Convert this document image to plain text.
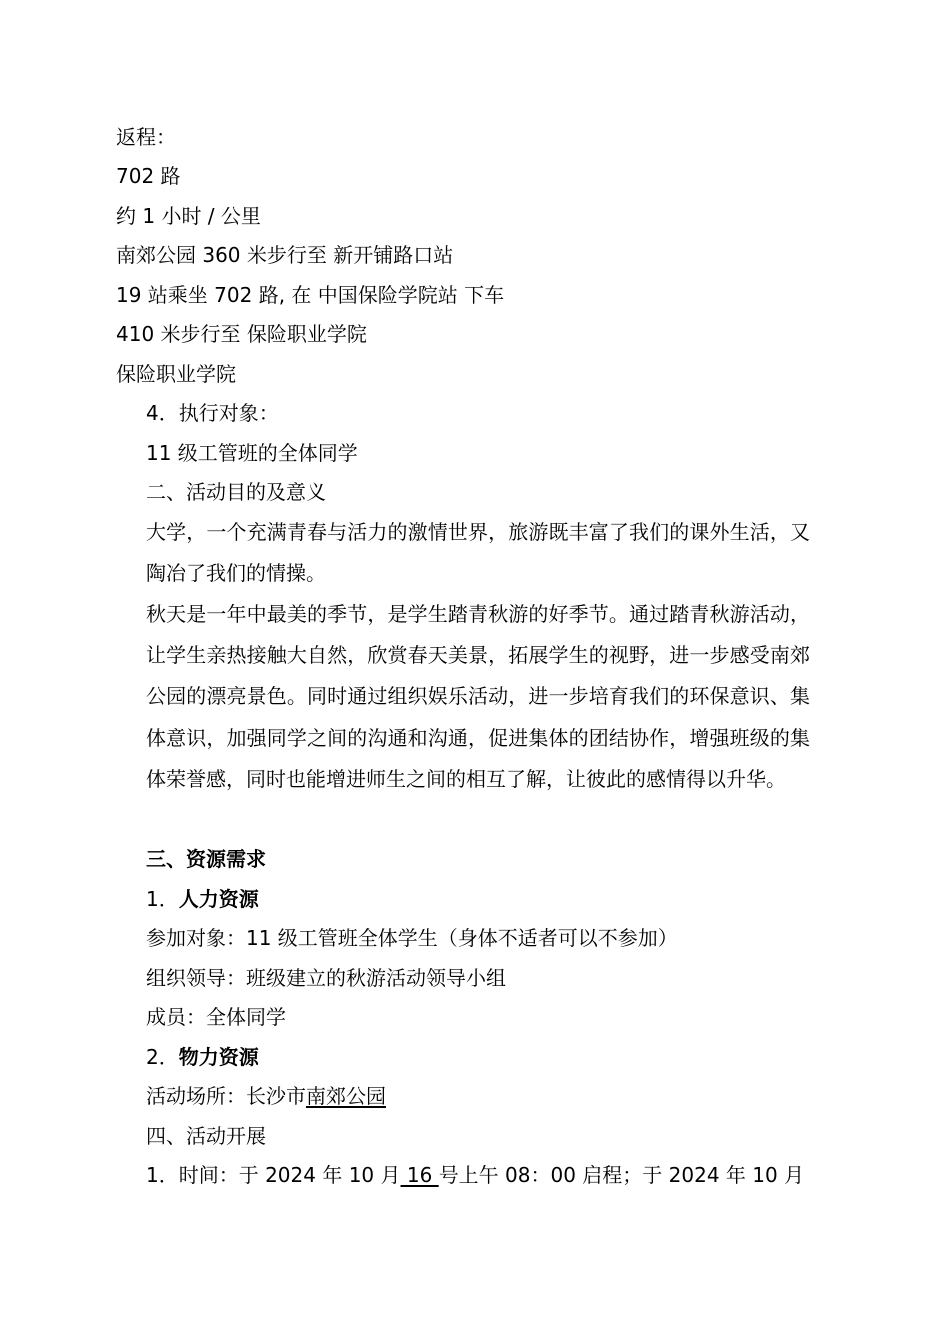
返程：
702 路
约 1 小时 / 公里
南郊公园 360 米步行至 新开铺路口站
19 站乘坐 702 路, 在 中国保险学院站 下车
410 米步行至 保险职业学院
保险职业学院
4．执行对象：
11 级工管班的全体同学
二、活动目的及意义
大学，一个充满青春与活力的激情世界，旅游既丰富了我们的课外生活，又陶冶了我们的情操。
秋天是一年中最美的季节，是学生踏青秋游的好季节。通过踏青秋游活动，让学生亲热接触大自然，欣赏春天美景，拓展学生的视野，进一步感受南郊公园的漂亮景色。同时通过组织娱乐活动，进一步培育我们的环保意识、集体意识，加强同学之间的沟通和沟通，促进集体的团结协作，增强班级的集体荣誉感，同时也能增进师生之间的相互了解，让彼此的感情得以升华。
三、资源需求
1．人力资源
参加对象：11 级工管班全体学生（身体不适者可以不参加）
组织领导：班级建立的秋游活动领导小组
成员：全体同学
2．物力资源
活动场所：长沙市南郊公园
四、活动开展
1．时间：于 2024 年 10 月 16 号上午 08：00 启程；于 2024 年 10 月
